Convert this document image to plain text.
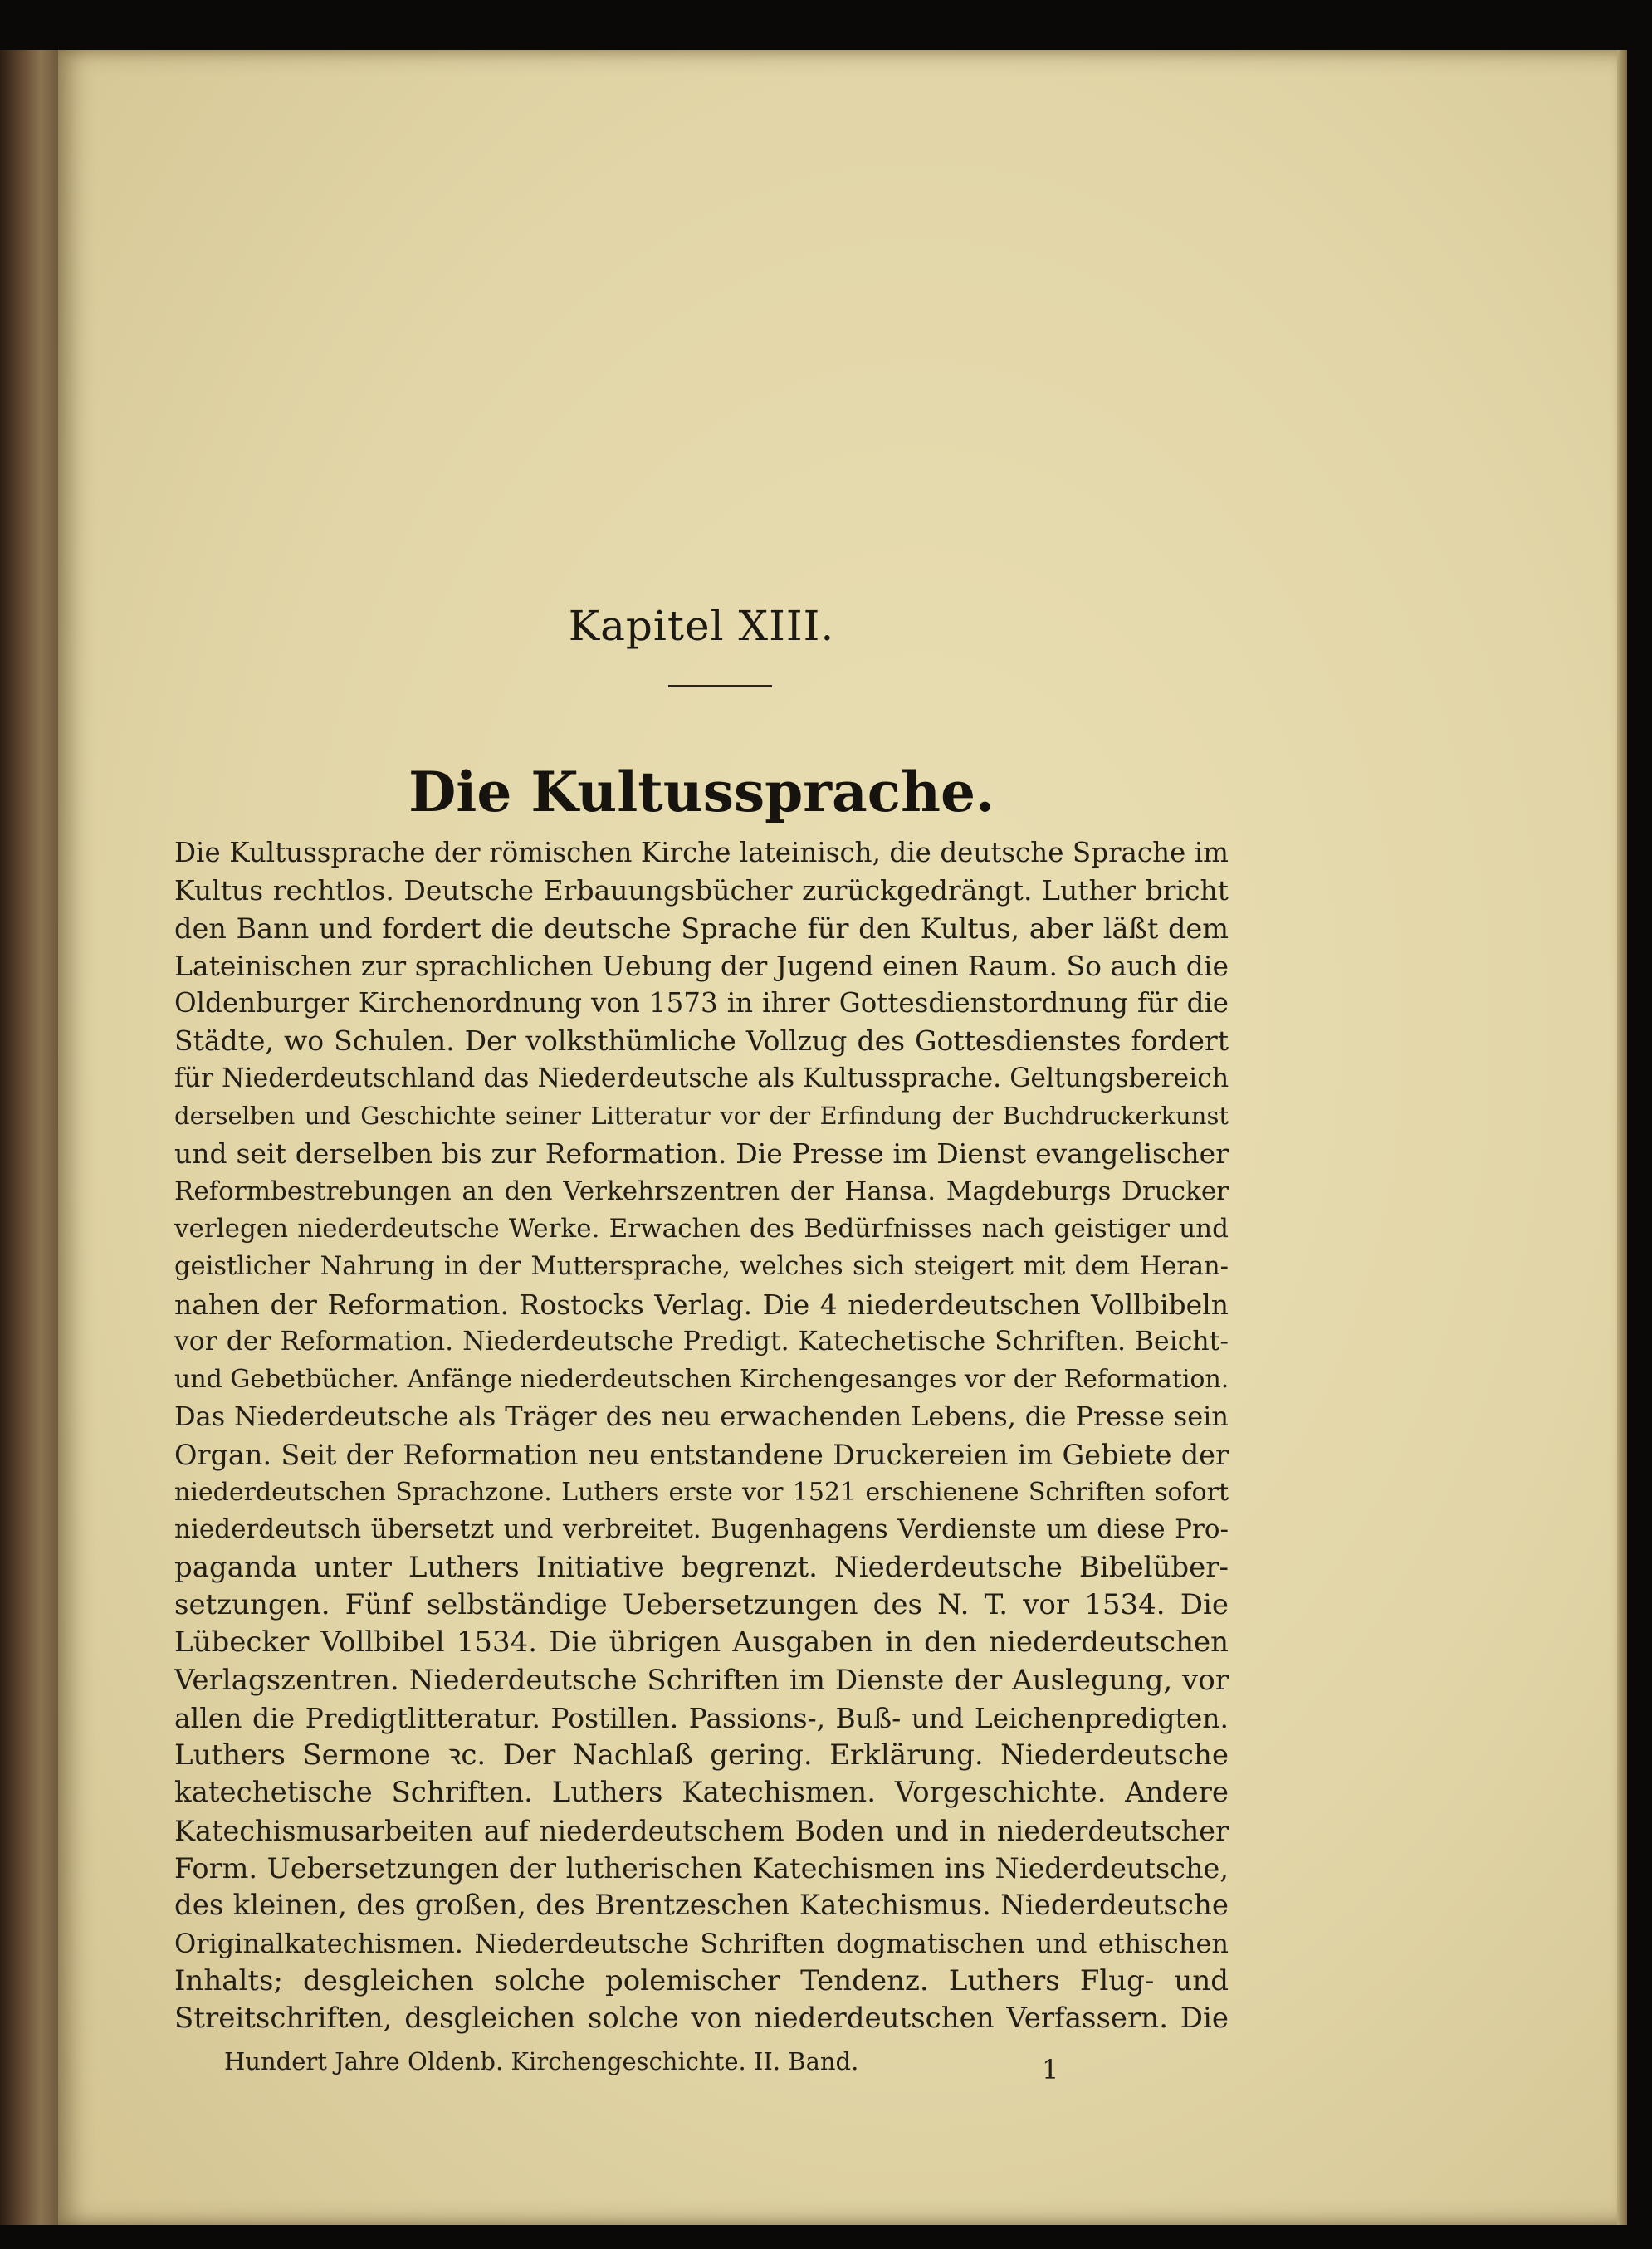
Kapitel XIII.
Die Kultussprache.
Die Kultussprache der römischen Kirche lateinisch, die deutsche Sprache im
Kultus rechtlos. Deutsche Erbauungsbücher zurückgedrängt. Luther bricht
den Bann und fordert die deutsche Sprache für den Kultus, aber läßt dem
Lateinischen zur sprachlichen Uebung der Jugend einen Raum. So auch die
Oldenburger Kirchenordnung von 1573 in ihrer Gottesdienstordnung für die
Städte, wo Schulen. Der volksthümliche Vollzug des Gottesdienstes fordert
für Niederdeutschland das Niederdeutsche als Kultussprache. Geltungsbereich
derselben und Geschichte seiner Litteratur vor der Erfindung der Buchdruckerkunst
und seit derselben bis zur Reformation. Die Presse im Dienst evangelischer
Reformbestrebungen an den Verkehrszentren der Hansa. Magdeburgs Drucker
verlegen niederdeutsche Werke. Erwachen des Bedürfnisses nach geistiger und
geistlicher Nahrung in der Muttersprache, welches sich steigert mit dem Heran-
nahen der Reformation. Rostocks Verlag. Die 4 niederdeutschen Vollbibeln
vor der Reformation. Niederdeutsche Predigt. Katechetische Schriften. Beicht-
und Gebetbücher. Anfänge niederdeutschen Kirchengesanges vor der Reformation.
Das Niederdeutsche als Träger des neu erwachenden Lebens, die Presse sein
Organ. Seit der Reformation neu entstandene Druckereien im Gebiete der
niederdeutschen Sprachzone. Luthers erste vor 1521 erschienene Schriften sofort
niederdeutsch übersetzt und verbreitet. Bugenhagens Verdienste um diese Pro-
paganda unter Luthers Initiative begrenzt. Niederdeutsche Bibelüber-
setzungen. Fünf selbständige Uebersetzungen des N. T. vor 1534. Die
Lübecker Vollbibel 1534. Die übrigen Ausgaben in den niederdeutschen
Verlagszentren. Niederdeutsche Schriften im Dienste der Auslegung, vor
allen die Predigtlitteratur. Postillen. Passions-, Buß- und Leichenpredigten.
Luthers Sermone ꝛc. Der Nachlaß gering. Erklärung. Niederdeutsche
katechetische Schriften. Luthers Katechismen. Vorgeschichte. Andere
Katechismusarbeiten auf niederdeutschem Boden und in niederdeutscher
Form. Uebersetzungen der lutherischen Katechismen ins Niederdeutsche,
des kleinen, des großen, des Brentzeschen Katechismus. Niederdeutsche
Originalkatechismen. Niederdeutsche Schriften dogmatischen und ethischen
Inhalts; desgleichen solche polemischer Tendenz. Luthers Flug- und
Streitschriften, desgleichen solche von niederdeutschen Verfassern. Die
Hundert Jahre Oldenb. Kirchengeschichte. II. Band.	1
